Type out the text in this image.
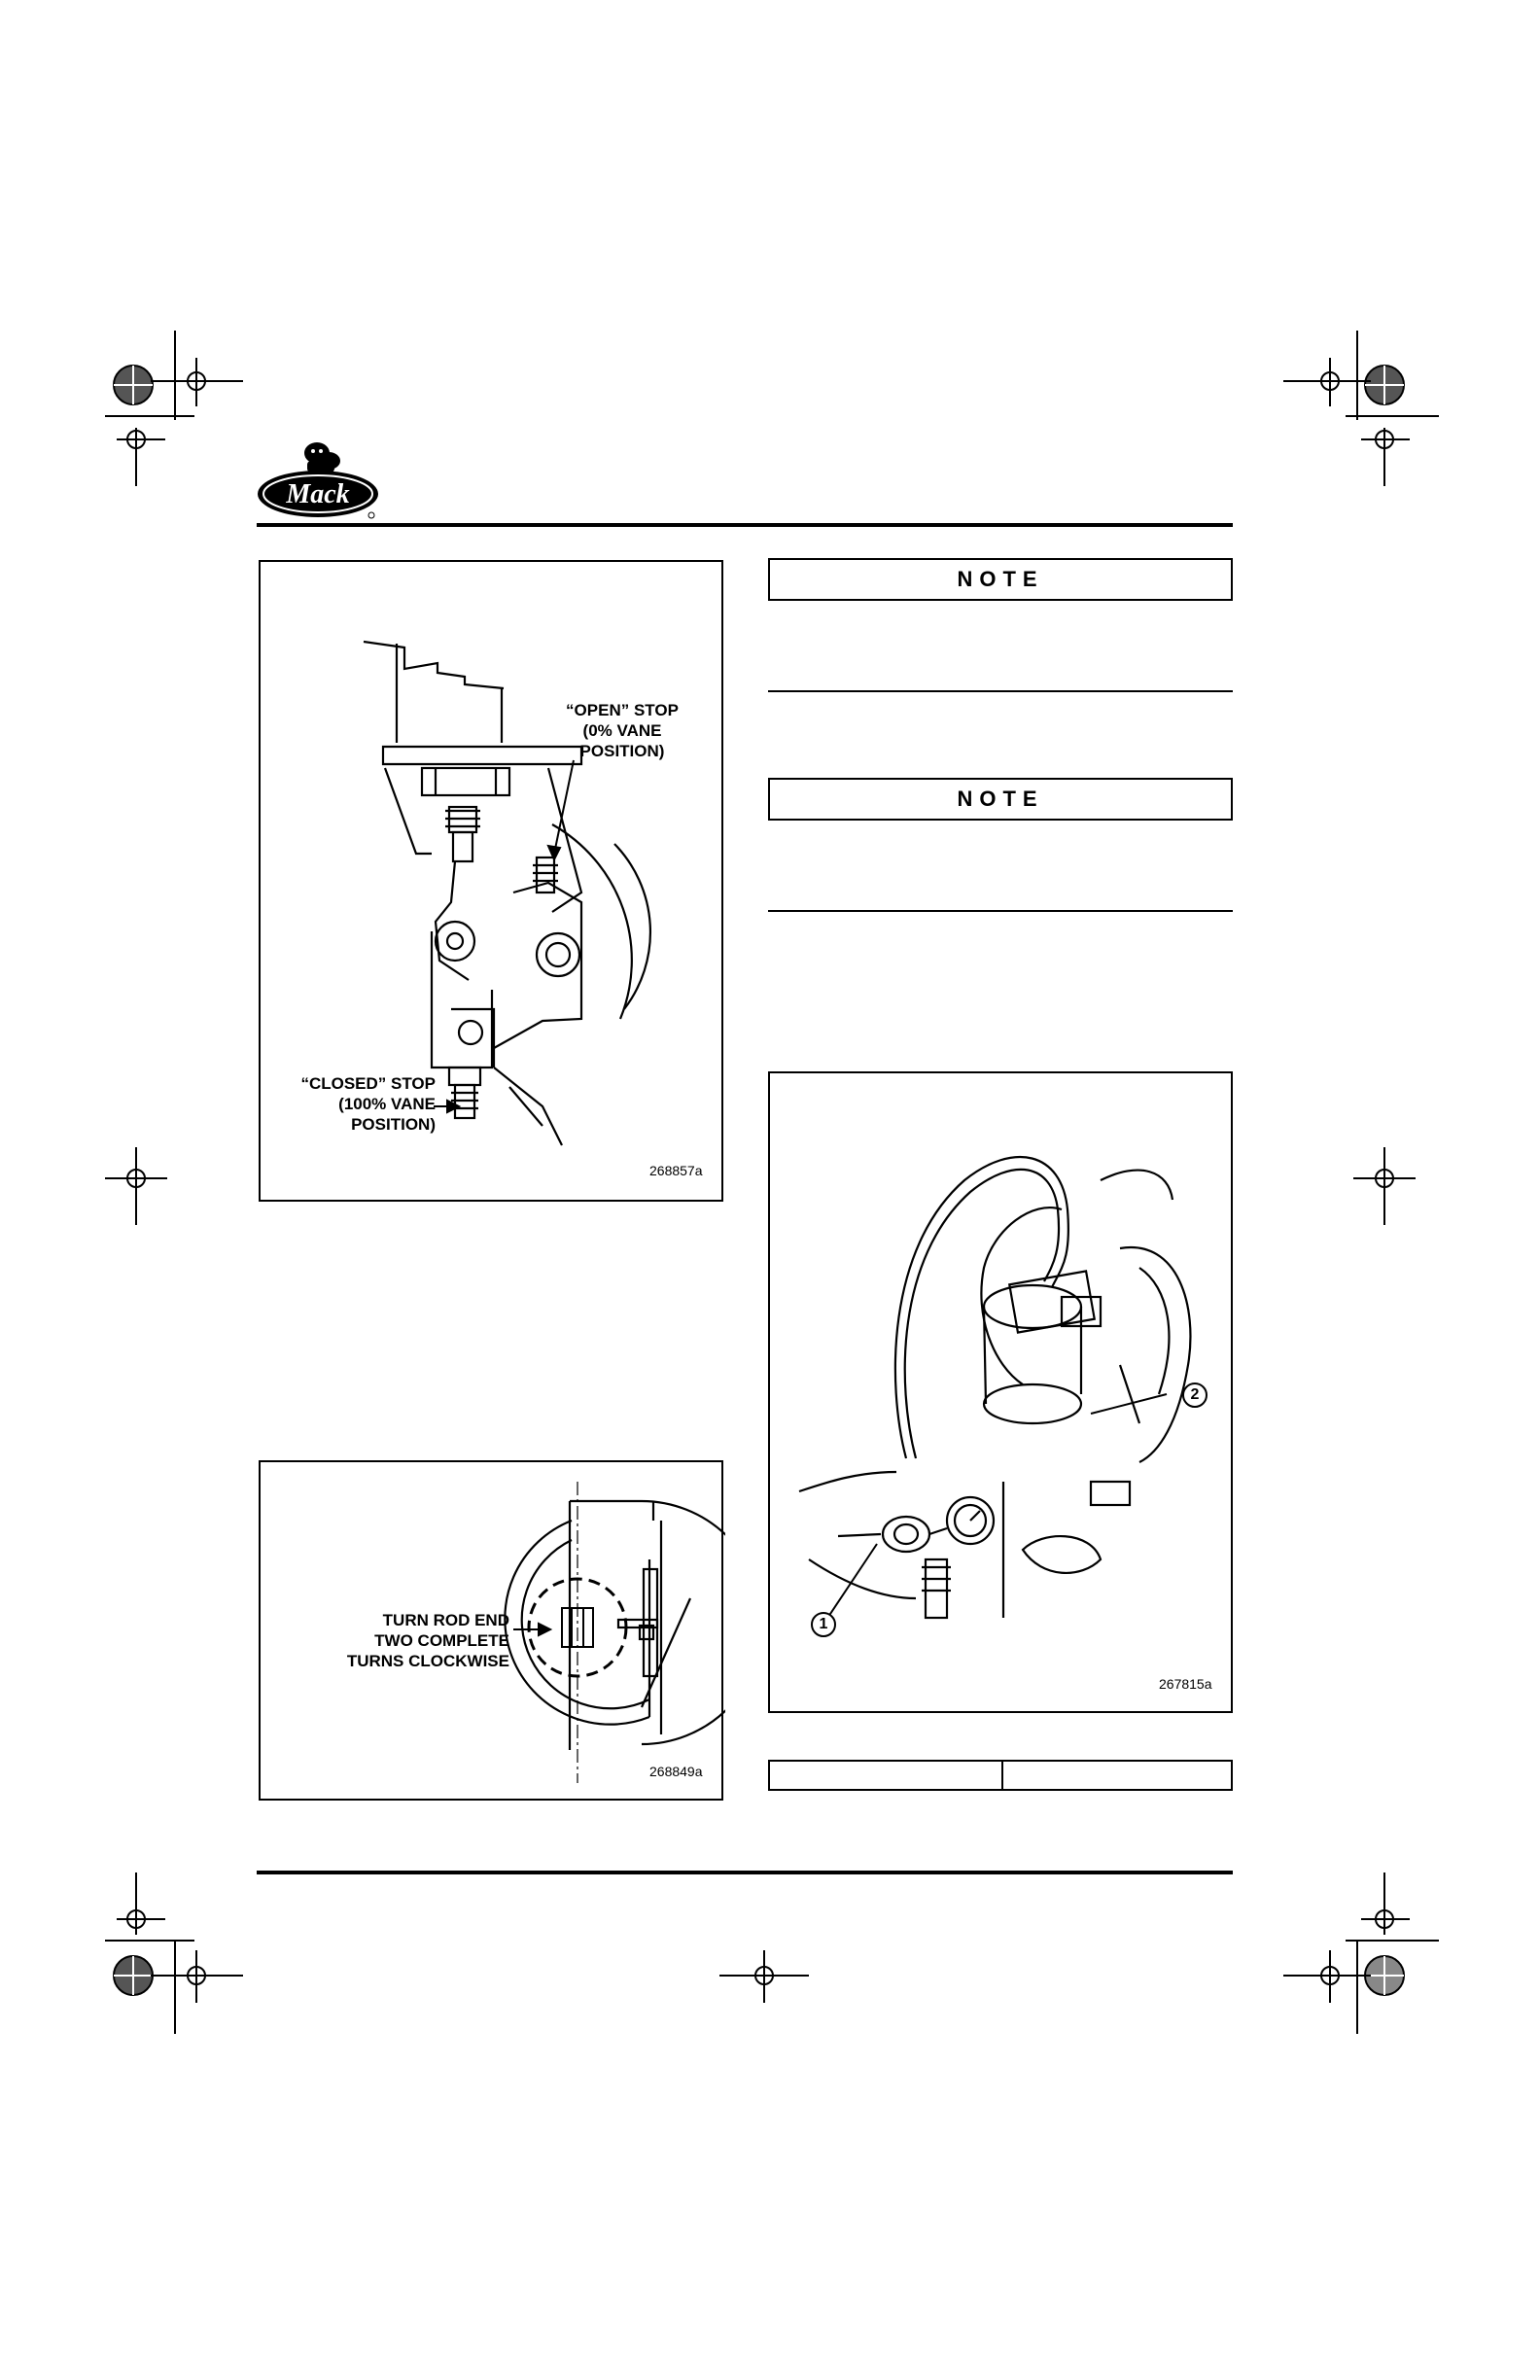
Mack
“OPEN” STOP
(0% VANE
POSITION)
“CLOSED” STOP
(100% VANE
POSITION)
268857a
TURN ROD END
TWO COMPLETE
TURNS CLOCKWISE
268849a
NOTE
NOTE
1
2
267815a
